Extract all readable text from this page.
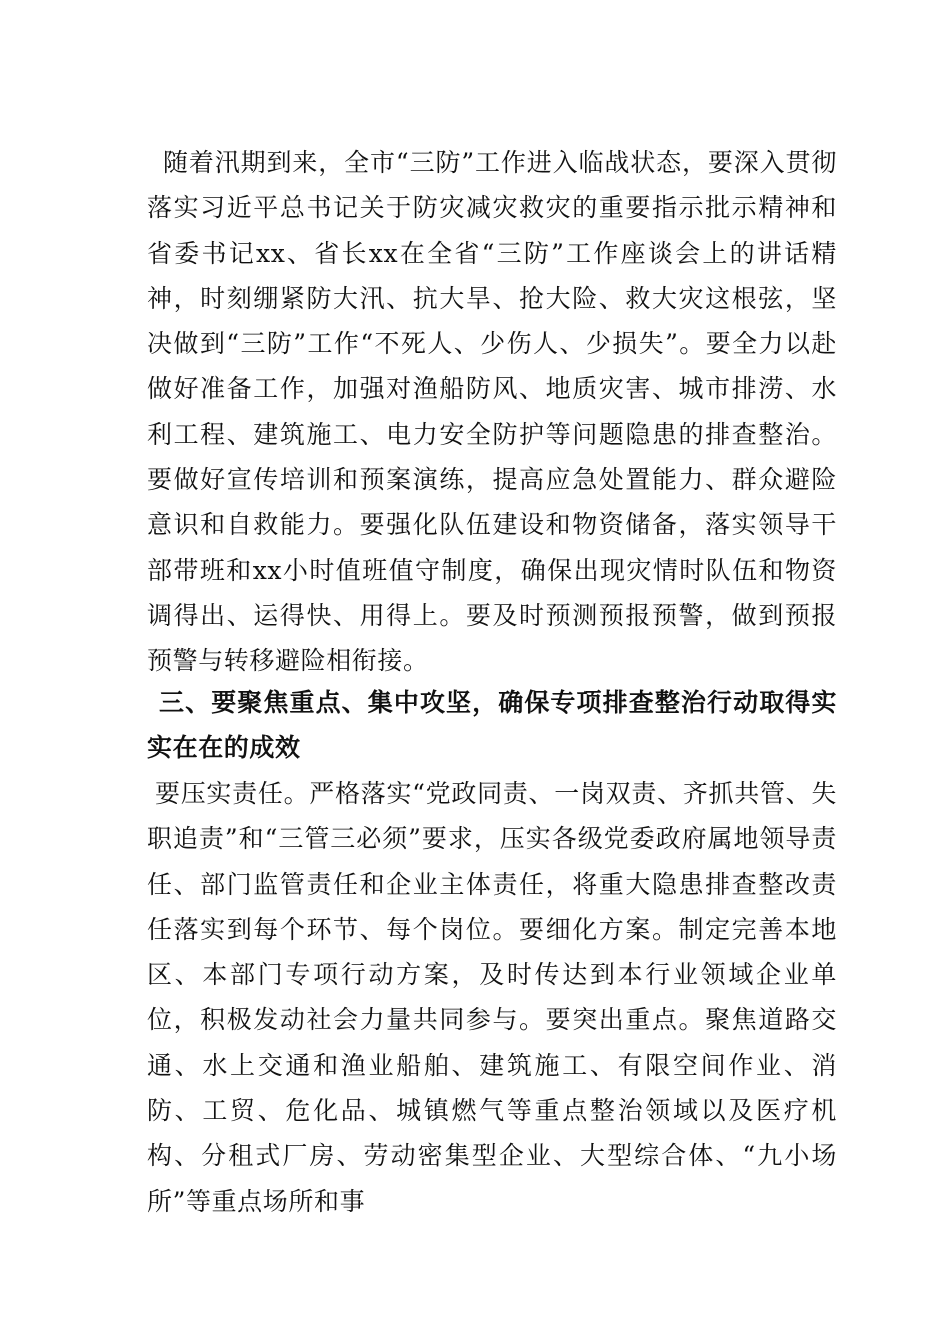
随着汛期到来，全市“三防”工作进入临战状态，要深入贯彻落实习近平总书记关于防灾减灾救灾的重要指示批示精神和省委书记xx、省长xx在全省“三防”工作座谈会上的讲话精神，时刻绷紧防大汛、抗大旱、抢大险、救大灾这根弦，坚决做到“三防”工作“不死人、少伤人、少损失”。要全力以赴做好准备工作，加强对渔船防风、地质灾害、城市排涝、水利工程、建筑施工、电力安全防护等问题隐患的排查整治。要做好宣传培训和预案演练，提高应急处置能力、群众避险意识和自救能力。要强化队伍建设和物资储备，落实领导干部带班和xx小时值班值守制度，确保出现灾情时队伍和物资调得出、运得快、用得上。要及时预测预报预警，做到预报预警与转移避险相衔接。

三、要聚焦重点、集中攻坚，确保专项排查整治行动取得实实在在的成效

要压实责任。严格落实“党政同责、一岗双责、齐抓共管、失职追责”和“三管三必须”要求，压实各级党委政府属地领导责任、部门监管责任和企业主体责任，将重大隐患排查整改责任落实到每个环节、每个岗位。要细化方案。制定完善本地区、本部门专项行动方案，及时传达到本行业领域企业单位，积极发动社会力量共同参与。要突出重点。聚焦道路交通、水上交通和渔业船舶、建筑施工、有限空间作业、消防、工贸、危化品、城镇燃气等重点整治领域以及医疗机构、分租式厂房、劳动密集型企业、大型综合体、“九小场所”等重点场所和事
